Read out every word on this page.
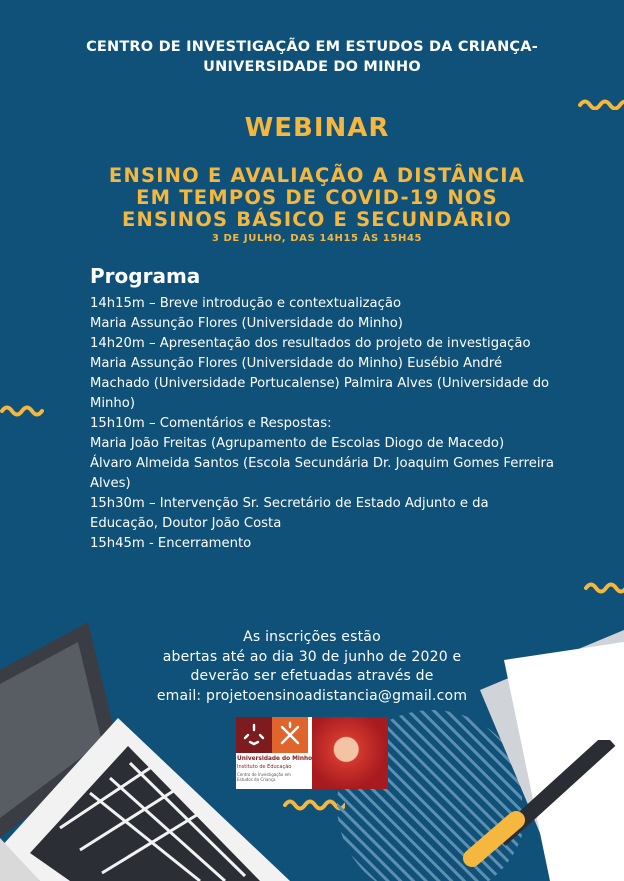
CENTRO DE INVESTIGAÇÃO EM ESTUDOS DA CRIANÇA-
UNIVERSIDADE DO MINHO
WEBINAR
ENSINO E AVALIAÇÃO A DISTÂNCIA
EM TEMPOS DE COVID-19 NOS
ENSINOS BÁSICO E SECUNDÁRIO
3 DE JULHO, DAS 14H15 ÀS 15H45
Programa
14h15m – Breve introdução e contextualização
Maria Assunção Flores (Universidade do Minho)
14h20m – Apresentação dos resultados do projeto de investigação
Maria Assunção Flores (Universidade do Minho) Eusébio André Machado (Universidade Portucalense) Palmira Alves (Universidade do Minho)
15h10m – Comentários e Respostas:
Maria João Freitas (Agrupamento de Escolas Diogo de Macedo)
Álvaro Almeida Santos (Escola Secundária Dr. Joaquim Gomes Ferreira Alves)
15h30m – Intervenção Sr. Secretário de Estado Adjunto e da Educação, Doutor João Costa
15h45m - Encerramento
As inscrições estão
abertas até ao dia 30 de junho de 2020 e
deverão ser efetuadas através de
email: projetoensinoadistancia@gmail.com
Universidade do Minho
Instituto de Educação
Centro de Investigação em Estudos da Criança
